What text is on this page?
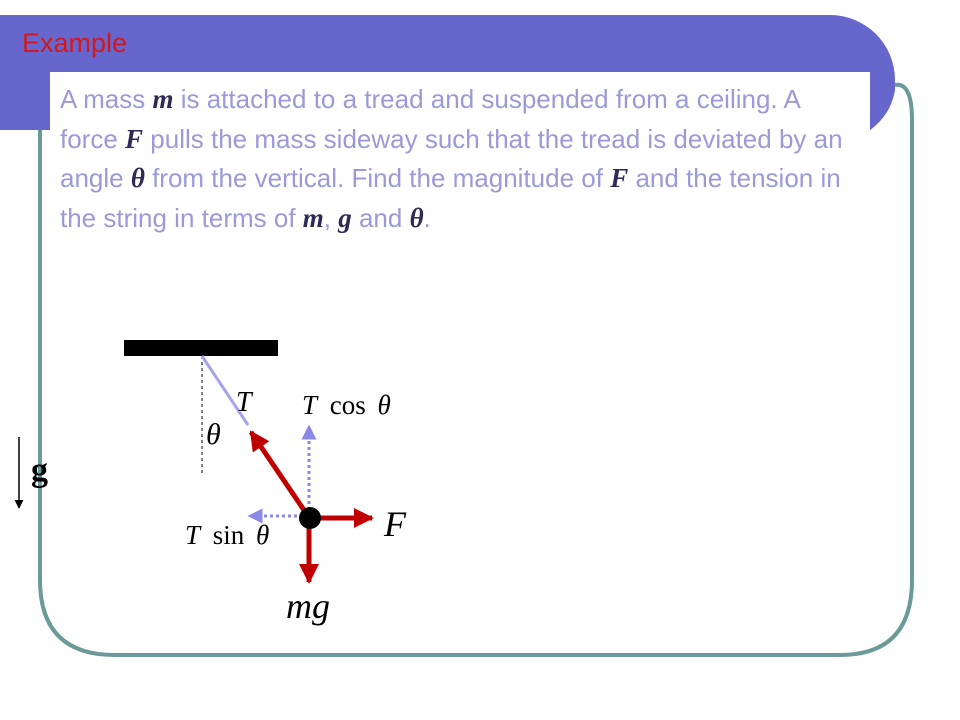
Example
A mass m is attached to a tread and suspended from a ceiling. A force F pulls the mass sideway such that the tread is deviated by an angle θ from the vertical. Find the magnitude of F and the tension in the string in terms of m, g and θ.
g
T
θ
T cos θ
T sin θ	F
mg
